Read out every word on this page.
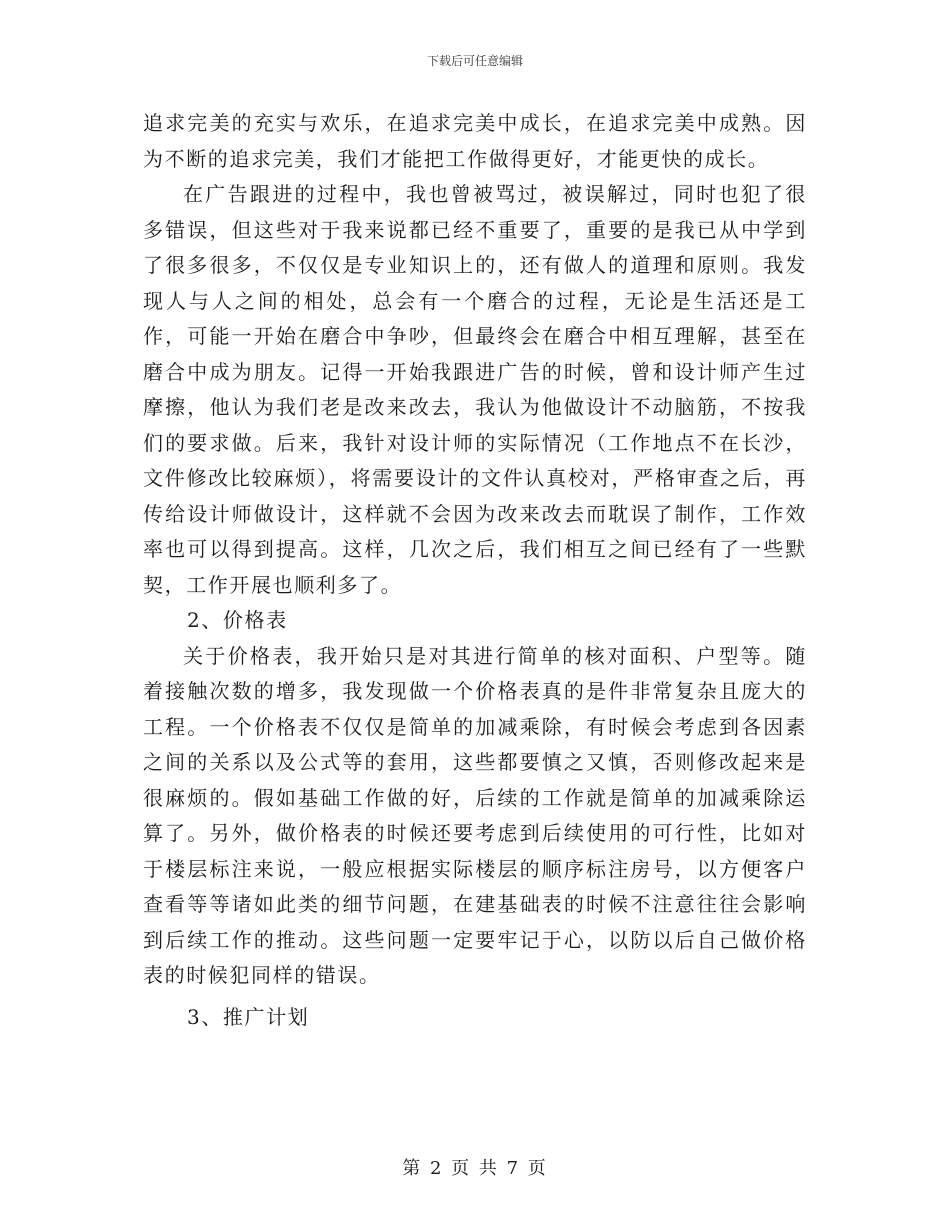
下载后可任意编辑

追求完美的充实与欢乐，在追求完美中成长，在追求完美中成熟。因为不断的追求完美，我们才能把工作做得更好，才能更快的成长。

在广告跟进的过程中，我也曾被骂过，被误解过，同时也犯了很多错误，但这些对于我来说都已经不重要了，重要的是我已从中学到了很多很多，不仅仅是专业知识上的，还有做人的道理和原则。我发现人与人之间的相处，总会有一个磨合的过程，无论是生活还是工作，可能一开始在磨合中争吵，但最终会在磨合中相互理解，甚至在磨合中成为朋友。记得一开始我跟进广告的时候，曾和设计师产生过摩擦，他认为我们老是改来改去，我认为他做设计不动脑筋，不按我们的要求做。后来，我针对设计师的实际情况（工作地点不在长沙，文件修改比较麻烦），将需要设计的文件认真校对，严格审查之后，再传给设计师做设计，这样就不会因为改来改去而耽误了制作，工作效率也可以得到提高。这样，几次之后，我们相互之间已经有了一些默契，工作开展也顺利多了。

2、价格表

关于价格表，我开始只是对其进行简单的核对面积、户型等。随着接触次数的增多，我发现做一个价格表真的是件非常复杂且庞大的工程。一个价格表不仅仅是简单的加减乘除，有时候会考虑到各因素之间的关系以及公式等的套用，这些都要慎之又慎，否则修改起来是很麻烦的。假如基础工作做的好，后续的工作就是简单的加减乘除运算了。另外，做价格表的时候还要考虑到后续使用的可行性，比如对于楼层标注来说，一般应根据实际楼层的顺序标注房号，以方便客户查看等等诸如此类的细节问题，在建基础表的时候不注意往往会影响到后续工作的推动。这些问题一定要牢记于心，以防以后自己做价格表的时候犯同样的错误。

3、推广计划

第 2 页 共 7 页
